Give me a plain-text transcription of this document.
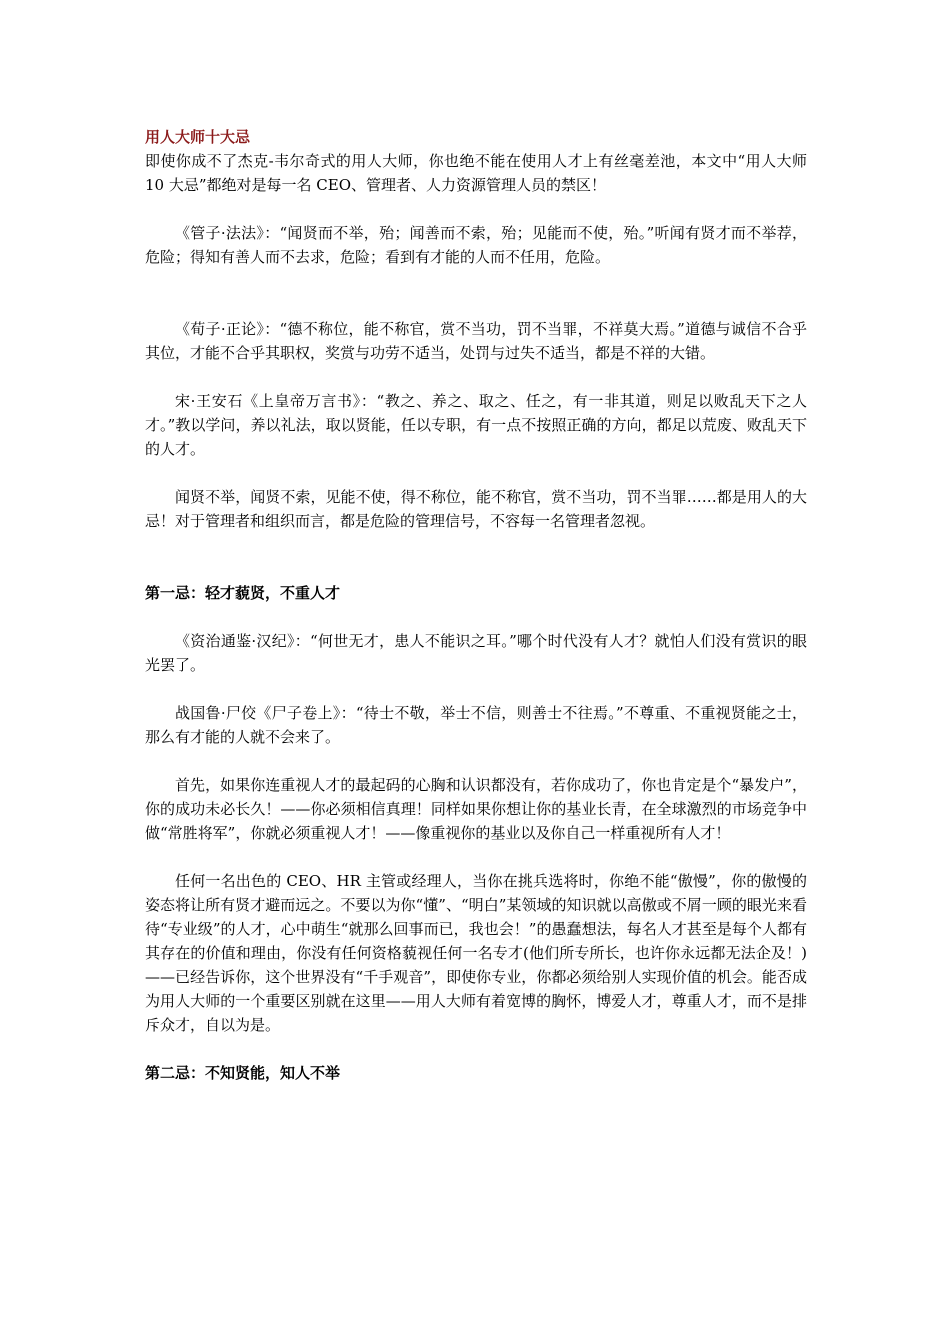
用人大师十大忌

即使你成不了杰克-韦尔奇式的用人大师，你也绝不能在使用人才上有丝毫差池，本文中“用人大师 10 大忌”都绝对是每一名 CEO、管理者、人力资源管理人员的禁区！

《管子·法法》：“闻贤而不举，殆；闻善而不索，殆；见能而不使，殆。”听闻有贤才而不举荐，危险；得知有善人而不去求，危险；看到有才能的人而不任用，危险。

《荀子·正论》：“德不称位，能不称官，赏不当功，罚不当罪，不祥莫大焉。”道德与诚信不合乎其位，才能不合乎其职权，奖赏与功劳不适当，处罚与过失不适当，都是不祥的大错。

宋·王安石《上皇帝万言书》：“教之、养之、取之、任之，有一非其道，则足以败乱天下之人才。”教以学问，养以礼法，取以贤能，任以专职，有一点不按照正确的方向，都足以荒废、败乱天下的人才。

闻贤不举，闻贤不索，见能不使，得不称位，能不称官，赏不当功，罚不当罪……都是用人的大忌！对于管理者和组织而言，都是危险的管理信号，不容每一名管理者忽视。

第一忌：轻才藐贤，不重人才

《资治通鉴·汉纪》：“何世无才，患人不能识之耳。”哪个时代没有人才？就怕人们没有赏识的眼光罢了。

战国鲁·尸佼《尸子卷上》：“待士不敬，举士不信，则善士不往焉。”不尊重、不重视贤能之士，那么有才能的人就不会来了。

首先，如果你连重视人才的最起码的心胸和认识都没有，若你成功了，你也肯定是个“暴发户”，你的成功未必长久！——你必须相信真理！同样如果你想让你的基业长青，在全球激烈的市场竞争中做“常胜将军”，你就必须重视人才！——像重视你的基业以及你自己一样重视所有人才！

任何一名出色的 CEO、HR 主管或经理人，当你在挑兵选将时，你绝不能“傲慢”，你的傲慢的姿态将让所有贤才避而远之。不要以为你“懂”、“明白”某领域的知识就以高傲或不屑一顾的眼光来看待“专业级”的人才，心中萌生“就那么回事而已，我也会！”的愚蠢想法，每名人才甚至是每个人都有其存在的价值和理由，你没有任何资格藐视任何一名专才(他们所专所长，也许你永远都无法企及！)——已经告诉你，这个世界没有“千手观音”，即使你专业，你都必须给别人实现价值的机会。能否成为用人大师的一个重要区别就在这里——用人大师有着宽博的胸怀，博爱人才，尊重人才，而不是排斥众才，自以为是。

第二忌：不知贤能，知人不举
